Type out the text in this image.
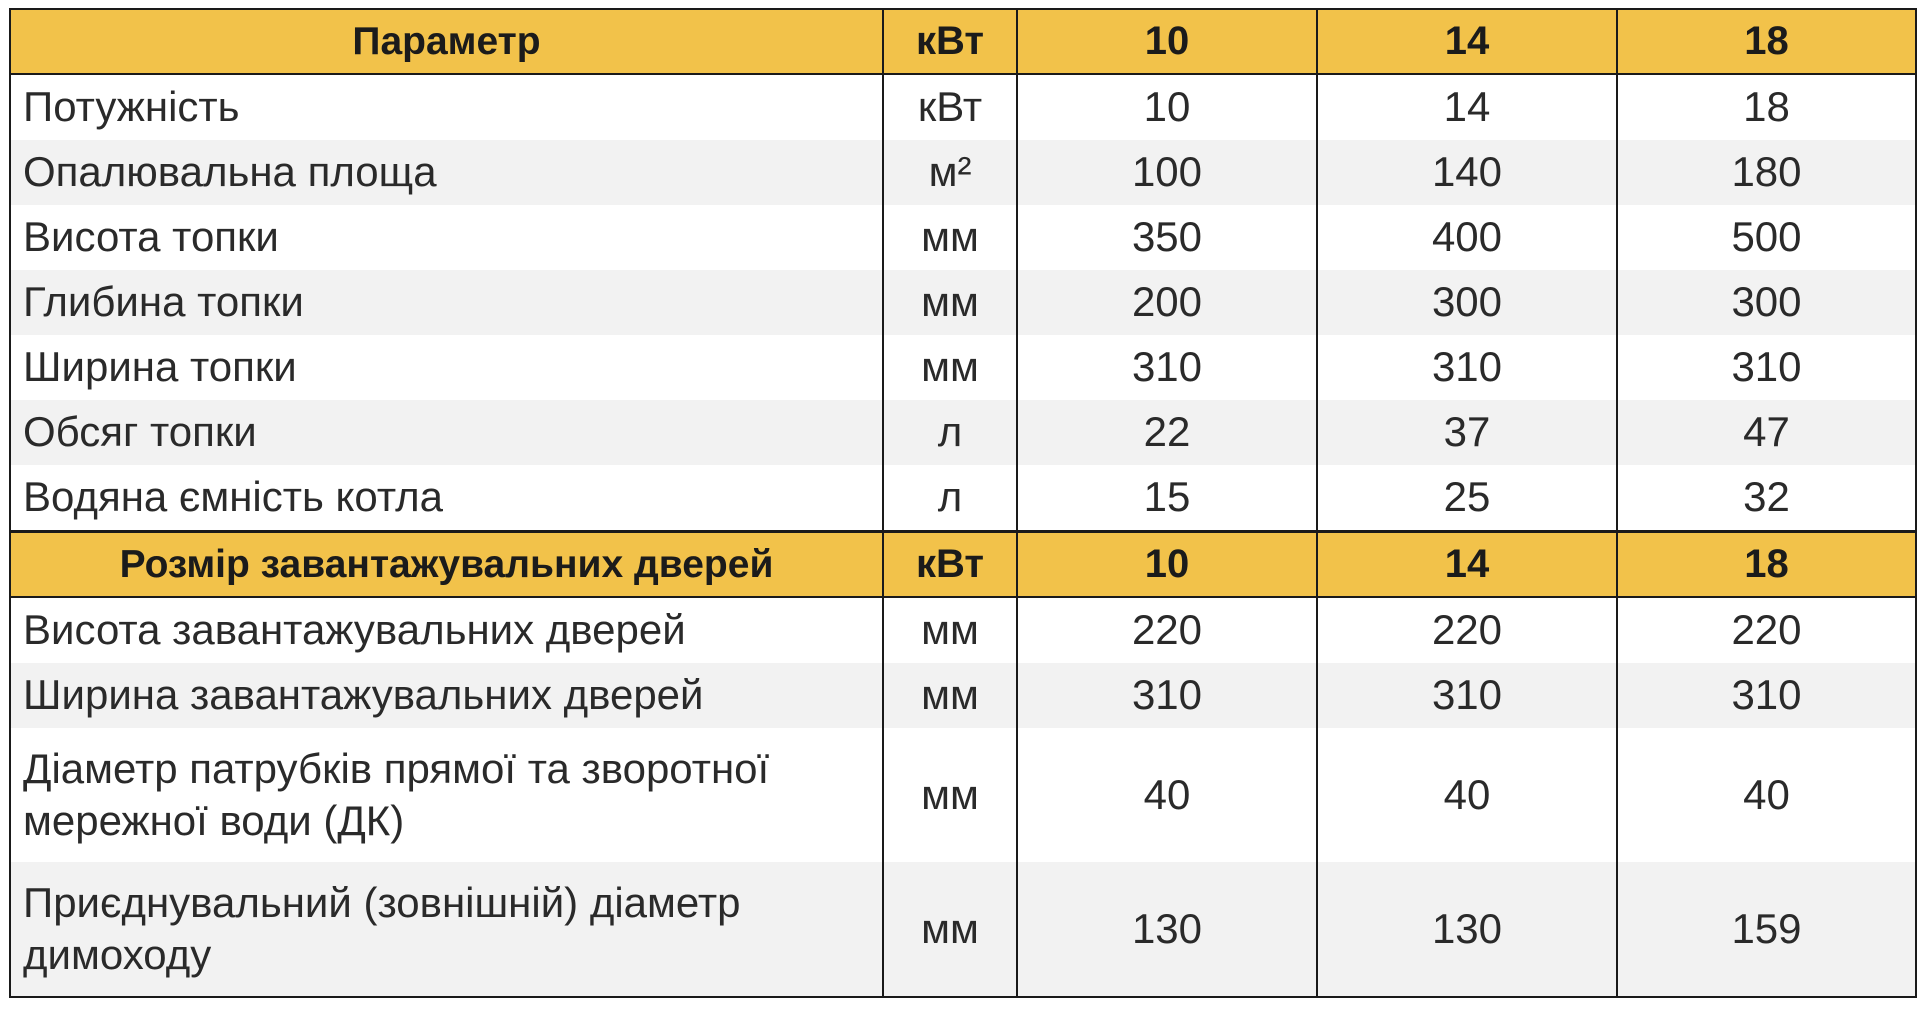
Параметр	кВт	10	14	18
Потужність	кВт	10	14	18
Опалювальна площа	м²	100	140	180
Висота топки	мм	350	400	500
Глибина топки	мм	200	300	300
Ширина топки	мм	310	310	310
Обсяг топки	л	22	37	47
Водяна ємність котла	л	15	25	32
Розмір завантажувальних дверей	кВт	10	14	18
Висота завантажувальних дверей	мм	220	220	220
Ширина завантажувальних дверей	мм	310	310	310
Діаметр патрубків прямої та зворотної мережної води (ДК)	мм	40	40	40
Приєднувальний (зовнішній) діаметр димоходу	мм	130	130	159
